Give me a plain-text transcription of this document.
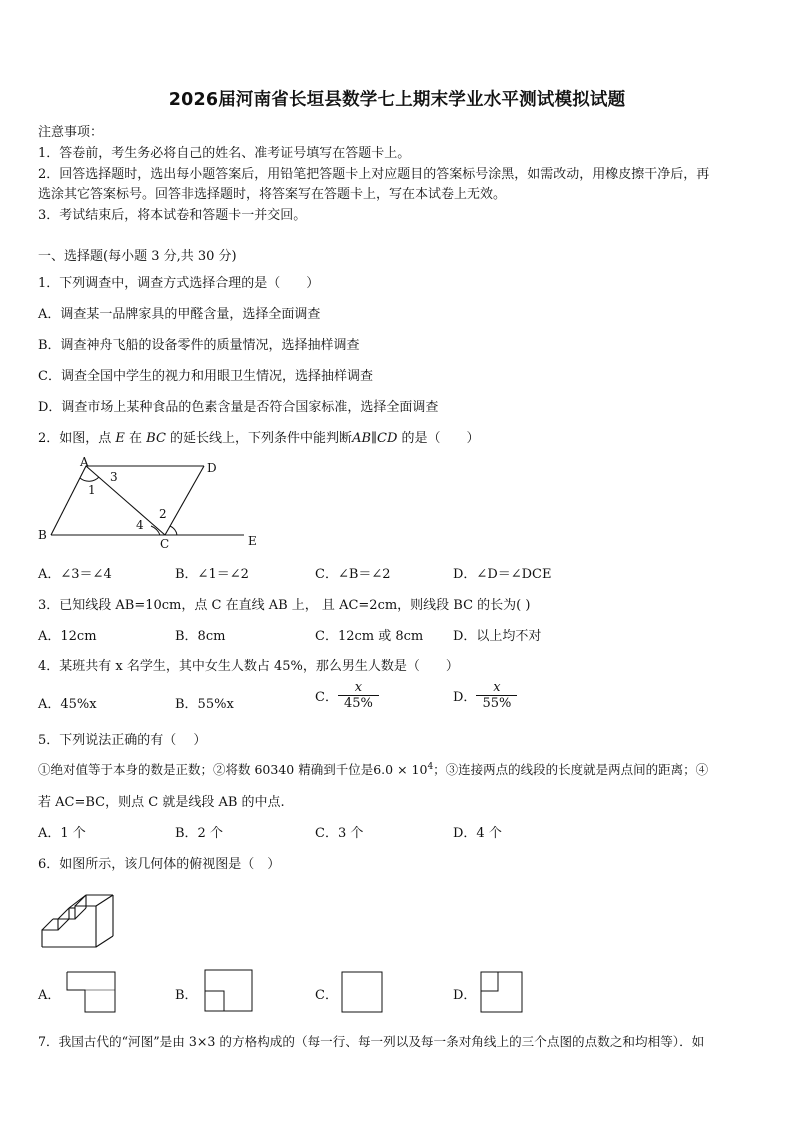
2026届河南省长垣县数学七上期末学业水平测试模拟试题
注意事项：
1．答卷前，考生务必将自己的姓名、准考证号填写在答题卡上。
2．回答选择题时，选出每小题答案后，用铅笔把答题卡上对应题目的答案标号涂黑，如需改动，用橡皮擦干净后，再
选涂其它答案标号。回答非选择题时，将答案写在答题卡上，写在本试卷上无效。
3．考试结束后，将本试卷和答题卡一并交回。
一、选择题(每小题 3 分,共 30 分)
1．下列调查中，调查方式选择合理的是（　　）
A．调查某一品牌家具的甲醛含量，选择全面调查
B．调查神舟飞船的设备零件的质量情况，选择抽样调查
C．调查全国中学生的视力和用眼卫生情况，选择抽样调查
D．调查市场上某种食品的色素含量是否符合国家标准，选择全面调查
2．如图，点 E 在 BC 的延长线上，下列条件中能判断AB∥CD 的是（　　）
A	D
B
C	E
1
2
3
4
A．∠3＝∠4	B．∠1＝∠2	C．∠B＝∠2	D．∠D＝∠DCE
3．已知线段 AB=10cm，点 C 在直线 AB 上， 且 AC=2cm，则线段 BC 的长为( )
A．12cm	B．8cm	C．12cm 或 8cm D．以上均不对
4．某班共有 x 名学生，其中女生人数占 45%，那么男生人数是（　　）
A．45%x	B．55%x	C． $\frac{x}{45\%}$	D． $\frac{x}{55\%}$
5．下列说法正确的有（　 ）
①绝对值等于本身的数是正数；②将数 60340 精确到千位是$6.0 \times 10^4$；③连接两点的线段的长度就是两点间的距离；④
若 AC=BC，则点 C 就是线段 AB 的中点.
A．1 个	B．2 个	C．3 个	D．4 个
6．如图所示，该几何体的俯视图是（　）
A．	B．	C．	D．
7．我国古代的“河图”是由 3×3 的方格构成的（每一行、每一列以及每一条对角线上的三个点图的点数之和均相等）．如
